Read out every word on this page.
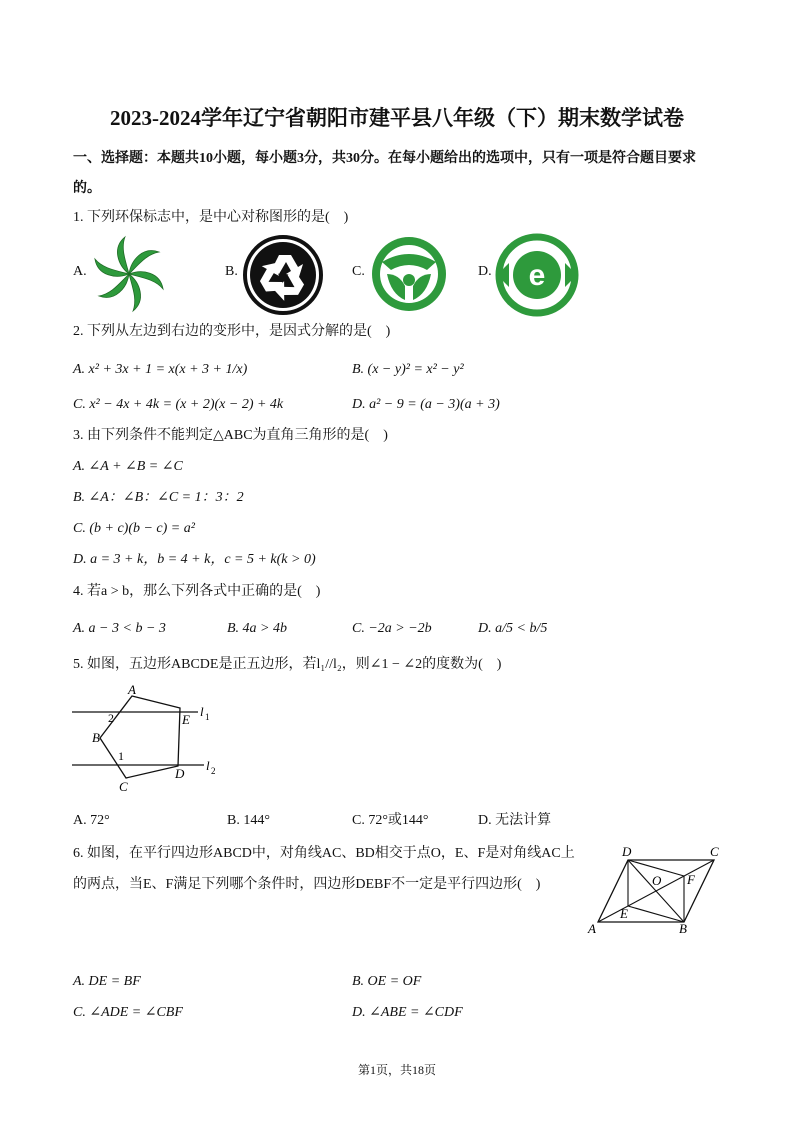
2023-2024学年辽宁省朝阳市建平县八年级（下）期末数学试卷
一、选择题：本题共10小题，每小题3分，共30分。在每小题给出的选项中，只有一项是符合题目要求
的。
1. 下列环保标志中，是中心对称图形的是(　)
A.	B.	C.	D. e
2. 下列从左边到右边的变形中，是因式分解的是(　)
A. x² + 3x + 1 = x(x + 3 + 1/x)	B. (x − y)² = x² − y²
C. x² − 4x + 4k = (x + 2)(x − 2) + 4k	D. a² − 9 = (a − 3)(a + 3)
3. 由下列条件不能判定△ABC为直角三角形的是(　)
A. ∠A + ∠B = ∠C
B. ∠A：∠B：∠C = 1：3：2
C. (b + c)(b − c) = a²
D. a = 3 + k，b = 4 + k，c = 5 + k(k > 0)
4. 若a > b，那么下列各式中正确的是(　)
A. a − 3 < b − 3	B. 4a > 4b	C. −2a > −2b	D. a/5 < b/5
5. 如图，五边形ABCDE是正五边形，若l₁//l₂，则∠1 − ∠2的度数为(　)
A
B
C
D
E
l 1
l 2
1
2
A. 72°	B. 144°	C. 72°或144°	D. 无法计算
6. 如图，在平行四边形ABCD中，对角线AC、BD相交于点O，E、F是对角线AC上
的两点，当E、F满足下列哪个条件时，四边形DEBF不一定是平行四边形(　)
D	C
A	B
O F
E
A. DE = BF	B. OE = OF
C. ∠ADE = ∠CBF	D. ∠ABE = ∠CDF
第1页，共18页
